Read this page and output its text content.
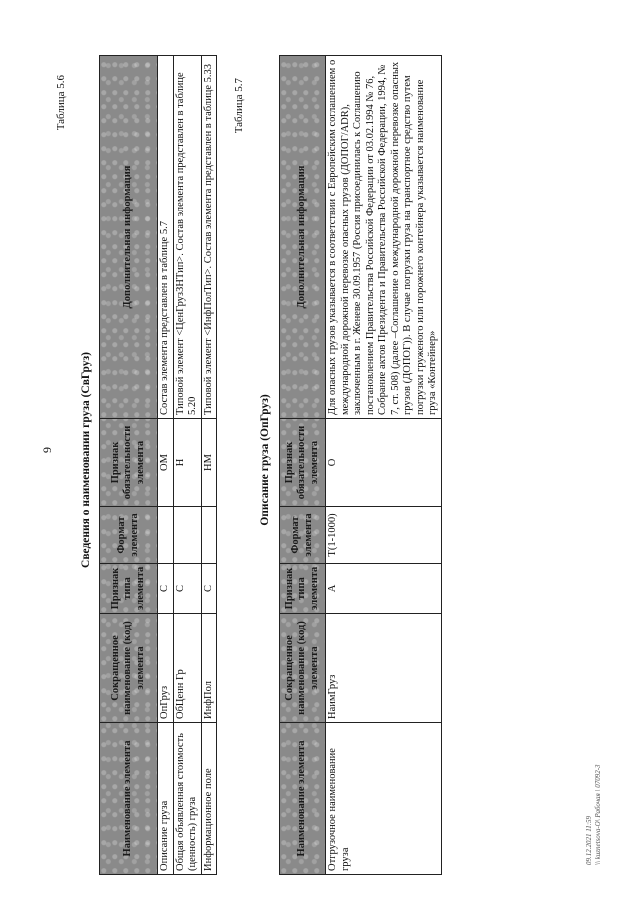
9
Таблица 5.6
Сведения о наименовании груза (СвГруз)
Наименование элемента	Сокращенное наименование (код) элемента	Признак типа элемента	Формат элемента	Признак обязательности элемента	Дополнительная информация
Описание груза	ОпГруз	С		ОМ	Состав элемента представлен в таблице 5.7
Общая объявленная стоимость (ценность) груза	ОбЦенн Гр	С		Н	Типовой элемент <ЦенГрузЗНТип>. Состав элемента представлен в таблице 5.20
Информационное поле	ИнфПол	С		НМ	Типовой элемент <ИнфПолТип>. Состав элемента представлен в таблице 5.33 Таблица 5.7
Описание груза (ОпГруз)
Наименование элемента	Сокращенное наименование (код) элемента	Признак типа элемента	Формат элемента	Признак обязательности элемента	Дополнительная информация
Отгрузочное наименование груза	НаимГруз	А	T(1-1000)	О	Для опасных грузов указывается в соответствии с Европейским соглашением о международной дорожной перевозке опасных грузов (ДОПОГ/ADR), заключенным в г. Женеве 30.09.1957 (Россия присоединилась к Соглашению постановлением Правительства Российской Федерации от 03.02.1994 № 76, Собрание актов Президента и Правительства Российской Федерации, 1994, № 7, ст. 508) (далее –Соглашение о международной дорожной перевозке опасных грузов (ДОПОГ)). В случае погрузки груза на транспортное средство путем погрузки груженого или порожнего контейнера указывается наименование груза «Контейнер»
09.12.2021 11:59 \\ kuznetsovа-O\ Рабочая \ 07092-3
